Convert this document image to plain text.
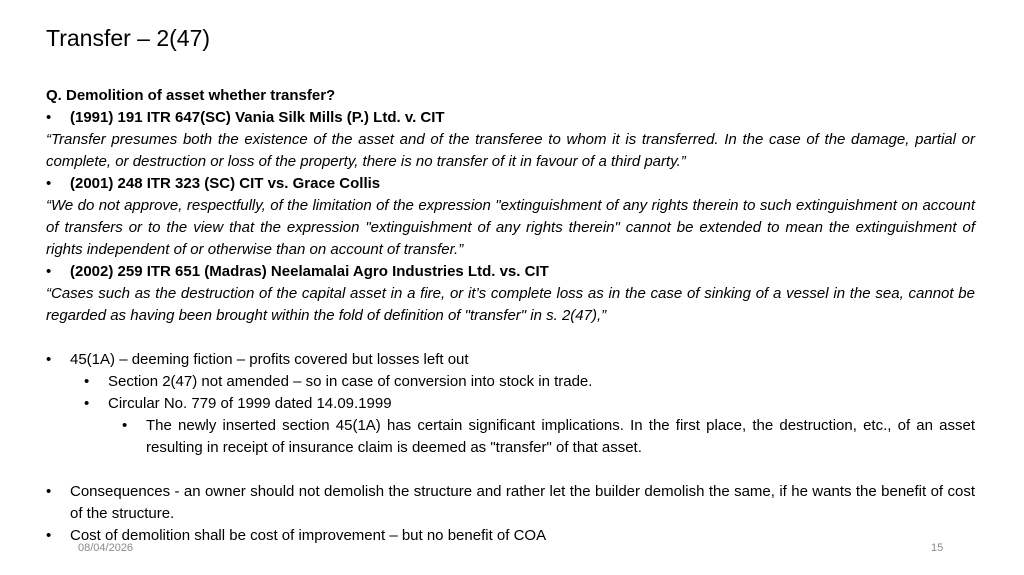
Transfer – 2(47)

Q. Demolition of asset whether transfer?

• (1991) 191 ITR 647(SC) Vania Silk Mills (P.) Ltd. v. CIT

“Transfer presumes both the existence of the asset and of the transferee to whom it is transferred. In the case of the damage, partial or complete, or destruction or loss of the property, there is no transfer of it in favour of a third party.”

• (2001) 248 ITR 323 (SC) CIT vs. Grace Collis

“We do not approve, respectfully, of the limitation of the expression "extinguishment of any rights therein to such extinguishment on account of transfers or to the view that the expression "extinguishment of any rights therein" cannot be extended to mean the extinguishment of rights independent of or otherwise than on account of transfer.”

• (2002) 259 ITR 651 (Madras) Neelamalai Agro Industries Ltd. vs. CIT

“Cases such as the destruction of the capital asset in a fire, or it’s complete loss as in the case of sinking of a vessel in the sea, cannot be regarded as having been brought within the fold of definition of "transfer" in s. 2(47),”

• 45(1A) – deeming fiction – profits covered but losses left out
• Section 2(47) not amended – so in case of conversion into stock in trade.
• Circular No. 779 of 1999 dated 14.09.1999
• The newly inserted section 45(1A) has certain significant implications. In the first place, the destruction, etc., of an asset resulting in receipt of insurance claim is deemed as "transfer" of that asset.
• Consequences - an owner should not demolish the structure and rather let the builder demolish the same, if he wants the benefit of cost of the structure.
• Cost of demolition shall be cost of improvement – but no benefit of COA
08/04/2026	15
